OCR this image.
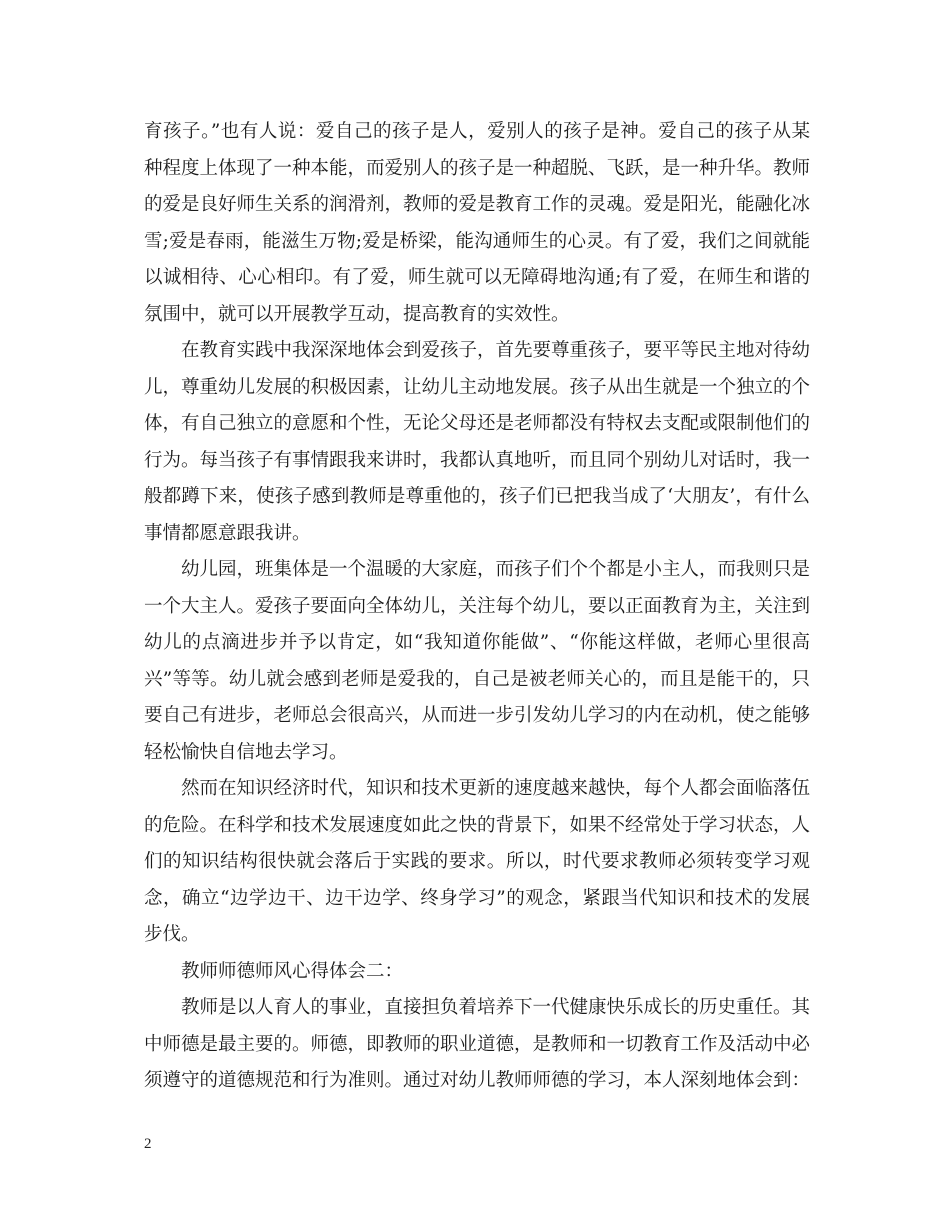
育孩子。”也有人说：爱自己的孩子是人，爱别人的孩子是神。爱自己的孩子从某种程度上体现了一种本能，而爱别人的孩子是一种超脱、飞跃，是一种升华。教师的爱是良好师生关系的润滑剂，教师的爱是教育工作的灵魂。爱是阳光，能融化冰雪;爱是春雨，能滋生万物;爱是桥梁，能沟通师生的心灵。有了爱，我们之间就能以诚相待、心心相印。有了爱，师生就可以无障碍地沟通;有了爱，在师生和谐的氛围中，就可以开展教学互动，提高教育的实效性。

在教育实践中我深深地体会到爱孩子，首先要尊重孩子，要平等民主地对待幼儿，尊重幼儿发展的积极因素，让幼儿主动地发展。孩子从出生就是一个独立的个体，有自己独立的意愿和个性，无论父母还是老师都没有特权去支配或限制他们的行为。每当孩子有事情跟我来讲时，我都认真地听，而且同个别幼儿对话时，我一般都蹲下来，使孩子感到教师是尊重他的，孩子们已把我当成了‘大朋友’，有什么事情都愿意跟我讲。

幼儿园，班集体是一个温暖的大家庭，而孩子们个个都是小主人，而我则只是一个大主人。爱孩子要面向全体幼儿，关注每个幼儿，要以正面教育为主，关注到幼儿的点滴进步并予以肯定，如“我知道你能做”、“你能这样做，老师心里很高兴”等等。幼儿就会感到老师是爱我的，自己是被老师关心的，而且是能干的，只要自己有进步，老师总会很高兴，从而进一步引发幼儿学习的内在动机，使之能够轻松愉快自信地去学习。

然而在知识经济时代，知识和技术更新的速度越来越快，每个人都会面临落伍的危险。在科学和技术发展速度如此之快的背景下，如果不经常处于学习状态，人们的知识结构很快就会落后于实践的要求。所以，时代要求教师必须转变学习观念，确立“边学边干、边干边学、终身学习”的观念，紧跟当代知识和技术的发展步伐。

教师师德师风心得体会二：

教师是以人育人的事业，直接担负着培养下一代健康快乐成长的历史重任。其中师德是最主要的。师德，即教师的职业道德，是教师和一切教育工作及活动中必须遵守的道德规范和行为准则。通过对幼儿教师师德的学习，本人深刻地体会到：

2
